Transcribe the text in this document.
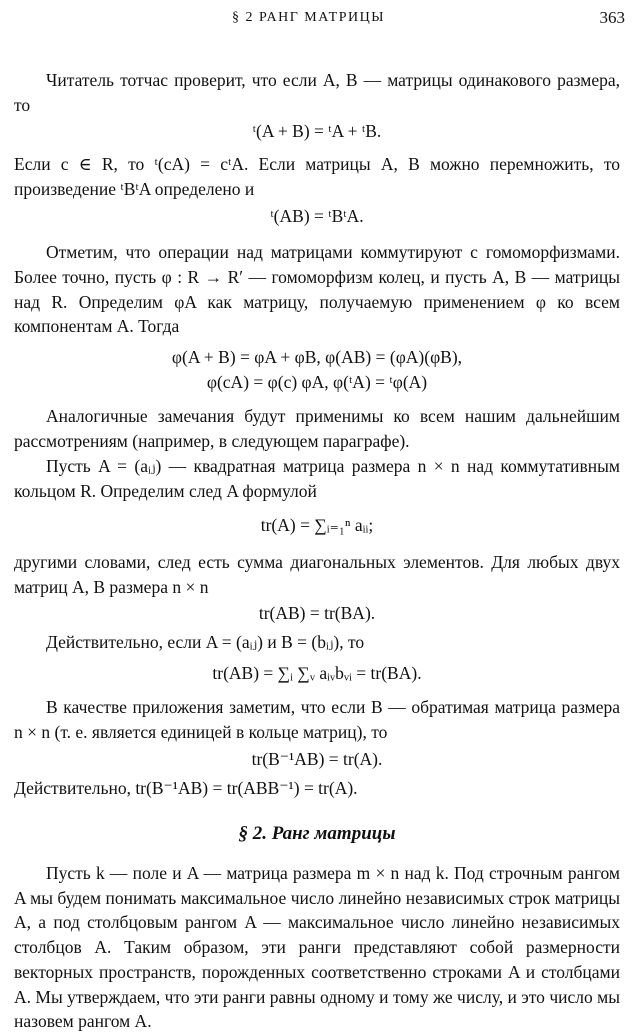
§ 2 РАНГ МАТРИЦЫ	363

Читатель тотчас проверит, что если A, B — матрицы одинакового размера, то

ᵗ(A + B) = ᵗA + ᵗB.

Если c ∈ R, то ᵗ(cA) = cᵗA. Если матрицы A, B можно перемножить, то произведение ᵗBᵗA определено и

ᵗ(AB) = ᵗBᵗA.

Отметим, что операции над матрицами коммутируют с гомоморфизмами. Более точно, пусть φ : R → R′ — гомоморфизм колец, и пусть A, B — матрицы над R. Определим φA как матрицу, получаемую применением φ ко всем компонентам A. Тогда

φ(A + B) = φA + φB, φ(AB) = (φA)(φB),
φ(cA) = φ(c) φA, φ(ᵗA) = ᵗφ(A)

Аналогичные замечания будут применимы ко всем нашим дальнейшим рассмотрениям (например, в следующем параграфе).

Пусть A = (aᵢⱼ) — квадратная матрица размера n × n над коммутативным кольцом R. Определим след A формулой

tr(A) = ∑ᵢ₌₁ⁿ aᵢᵢ;

другими словами, след есть сумма диагональных элементов. Для любых двух матриц A, B размера n × n

tr(AB) = tr(BA).

Действительно, если A = (aᵢⱼ) и B = (bᵢⱼ), то

tr(AB) = ∑ᵢ ∑ᵥ aᵢᵥbᵥᵢ = tr(BA).

В качестве приложения заметим, что если B — обратимая матрица размера n × n (т. е. является единицей в кольце матриц), то

tr(B⁻¹AB) = tr(A).

Действительно, tr(B⁻¹AB) = tr(ABB⁻¹) = tr(A).

§ 2. Ранг матрицы

Пусть k — поле и A — матрица размера m × n над k. Под строчным рангом A мы будем понимать максимальное число линейно независимых строк матрицы A, а под столбцовым рангом A — максимальное число линейно независимых столбцов A. Таким образом, эти ранги представляют собой размерности векторных пространств, порожденных соответственно строками A и столбцами A. Мы утверждаем, что эти ранги равны одному и тому же числу, и это число мы назовем рангом A.
